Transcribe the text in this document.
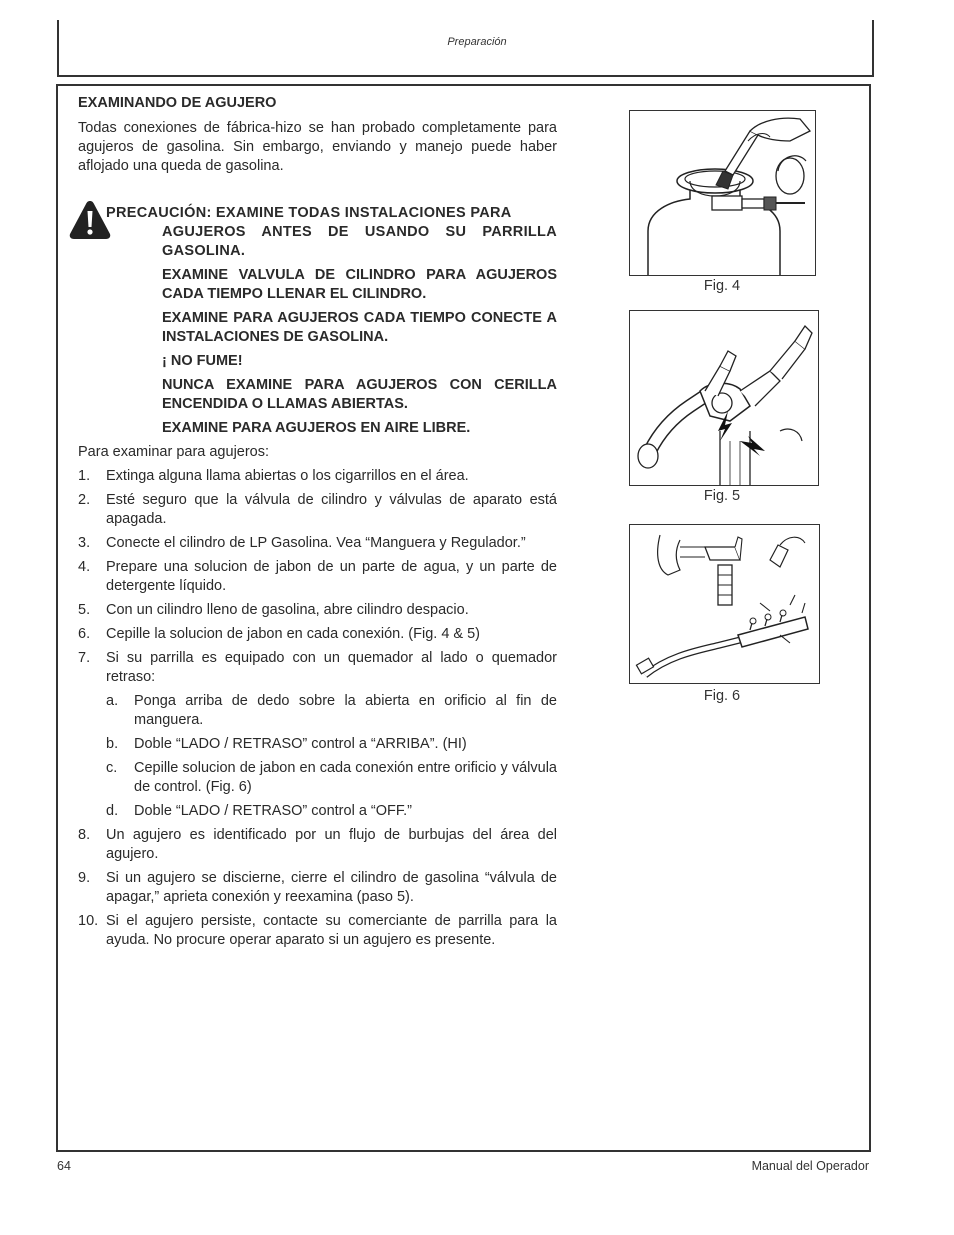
Preparación
EXAMINANDO DE AGUJERO

Todas conexiones de fábrica-hizo se han probado completamente para agujeros de gasolina. Sin embargo, enviando y manejo puede haber aflojado una queda de gasolina.

PRECAUCIÓN: EXAMINE TODAS INSTALACIONES PARA
AGUJEROS ANTES DE USANDO SU PARRILLA GASOLINA.

EXAMINE VALVULA DE CILINDRO PARA AGUJEROS CADA TIEMPO LLENAR EL CILINDRO.

EXAMINE PARA AGUJEROS CADA TIEMPO CONECTE A INSTALACIONES DE GASOLINA.

¡ NO FUME!

NUNCA EXAMINE PARA AGUJEROS CON CERILLA ENCENDIDA O LLAMAS ABIERTAS.

EXAMINE PARA AGUJEROS EN AIRE LIBRE.

Para examinar para agujeros:

1. Extinga alguna llama abiertas o los cigarrillos en el área.
2. Esté seguro que la válvula de cilindro y válvulas de aparato está apagada.
3. Conecte el cilindro de LP Gasolina. Vea “Manguera y Regulador.”
4. Prepare una solucion de jabon de un parte de agua, y un parte de detergente líquido.
5. Con un cilindro lleno de gasolina, abre cilindro despacio.
6. Cepille la solucion de jabon en cada conexión. (Fig. 4 & 5)
7. Si su parrilla es equipado con un quemador al lado o quemador retraso:
a. Ponga arriba de dedo sobre la abierta en orificio al fin de manguera.
b. Doble “LADO / RETRASO” control a “ARRIBA”. (HI)
c. Cepille solucion de jabon en cada conexión entre orificio y válvula de control. (Fig. 6)
d. Doble “LADO / RETRASO” control a “OFF.”
8. Un agujero es identificado por un flujo de burbujas del área del agujero.
9. Si un agujero se discierne, cierre el cilindro de gasolina “válvula de apagar,” aprieta conexión y reexamina (paso 5).
10. Si el agujero persiste, contacte su comerciante de parrilla para la ayuda. No procure operar aparato si un agujero es presente.
Fig. 4
Fig. 5
Fig. 6
64	Manual del Operador
